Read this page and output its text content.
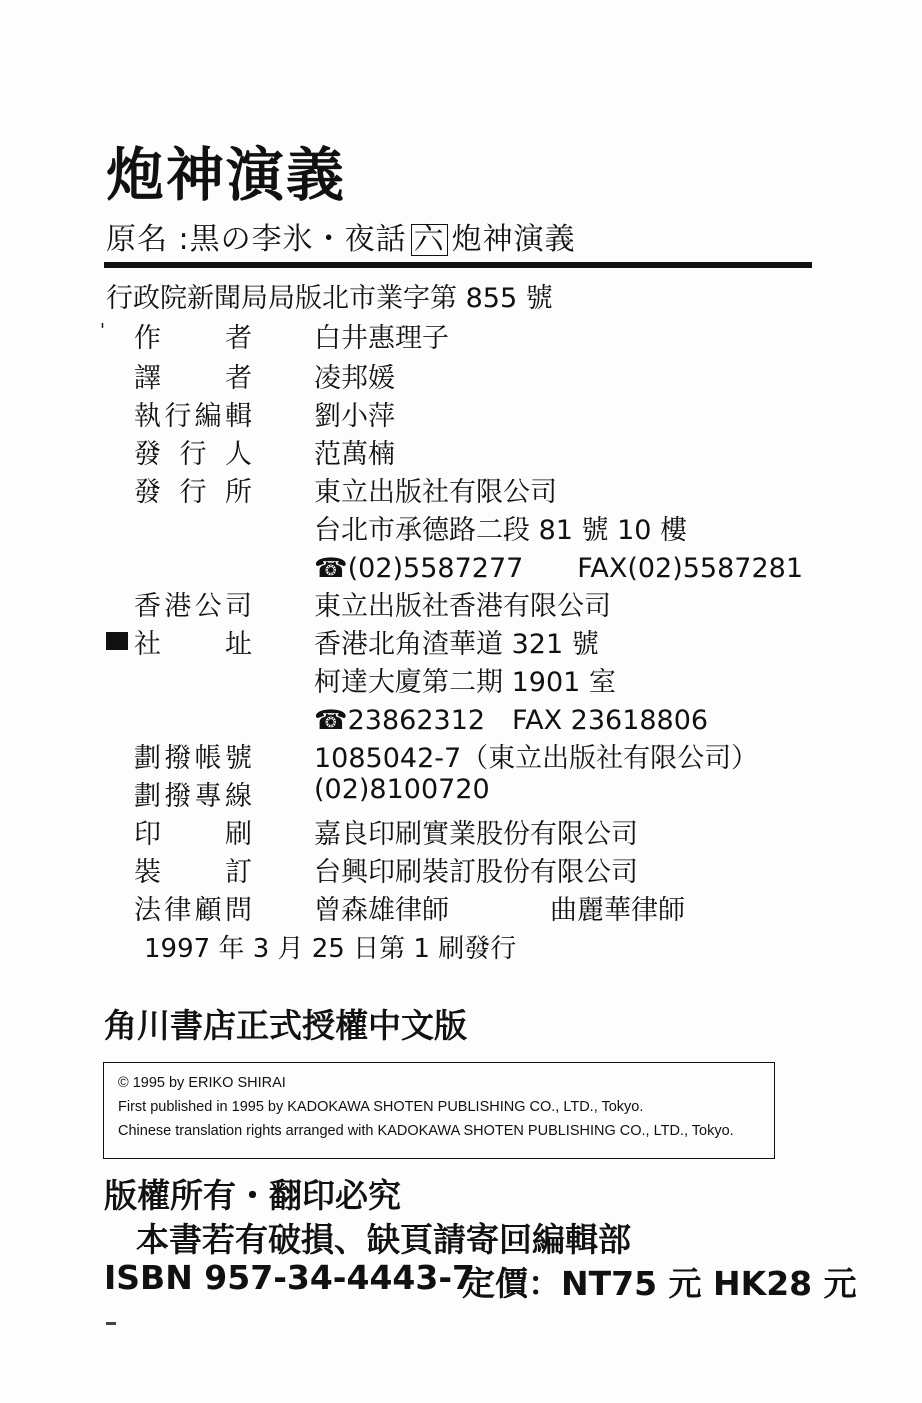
炮神演義
原名 :黒の李氷・夜話 六 炮神演義
行政院新聞局局版北市業字第 855 號
' 作　者 白井惠理子
譯　者 凌邦媛
執行編輯 劉小萍
發行人 范萬楠
發行所 東立出版社有限公司
台北市承德路二段 81 號 10 樓
☎(02)5587277　　FAX(02)5587281
香港公司 東立出版社香港有限公司
社　址 香港北角渣華道 321 號
柯達大廈第二期 1901 室
☎23862312　FAX 23618806
劃撥帳號 1085042-7（東立出版社有限公司）
劃撥專線 (02)8100720
印　刷 嘉良印刷實業股份有限公司
裝　訂 台興印刷裝訂股份有限公司
法律顧問 曾森雄律師	曲麗華律師
1997 年 3 月 25 日第 1 刷發行
角川書店正式授權中文版
© 1995 by ERIKO SHIRAI
First published in 1995 by KADOKAWA SHOTEN PUBLISHING CO., LTD., Tokyo.
Chinese translation rights arranged with KADOKAWA SHOTEN PUBLISHING CO., LTD., Tokyo.
版權所有・翻印必究
本書若有破損、缺頁請寄回編輯部
ISBN 957-34-4443-7
定價：NT75 元 HK28 元
